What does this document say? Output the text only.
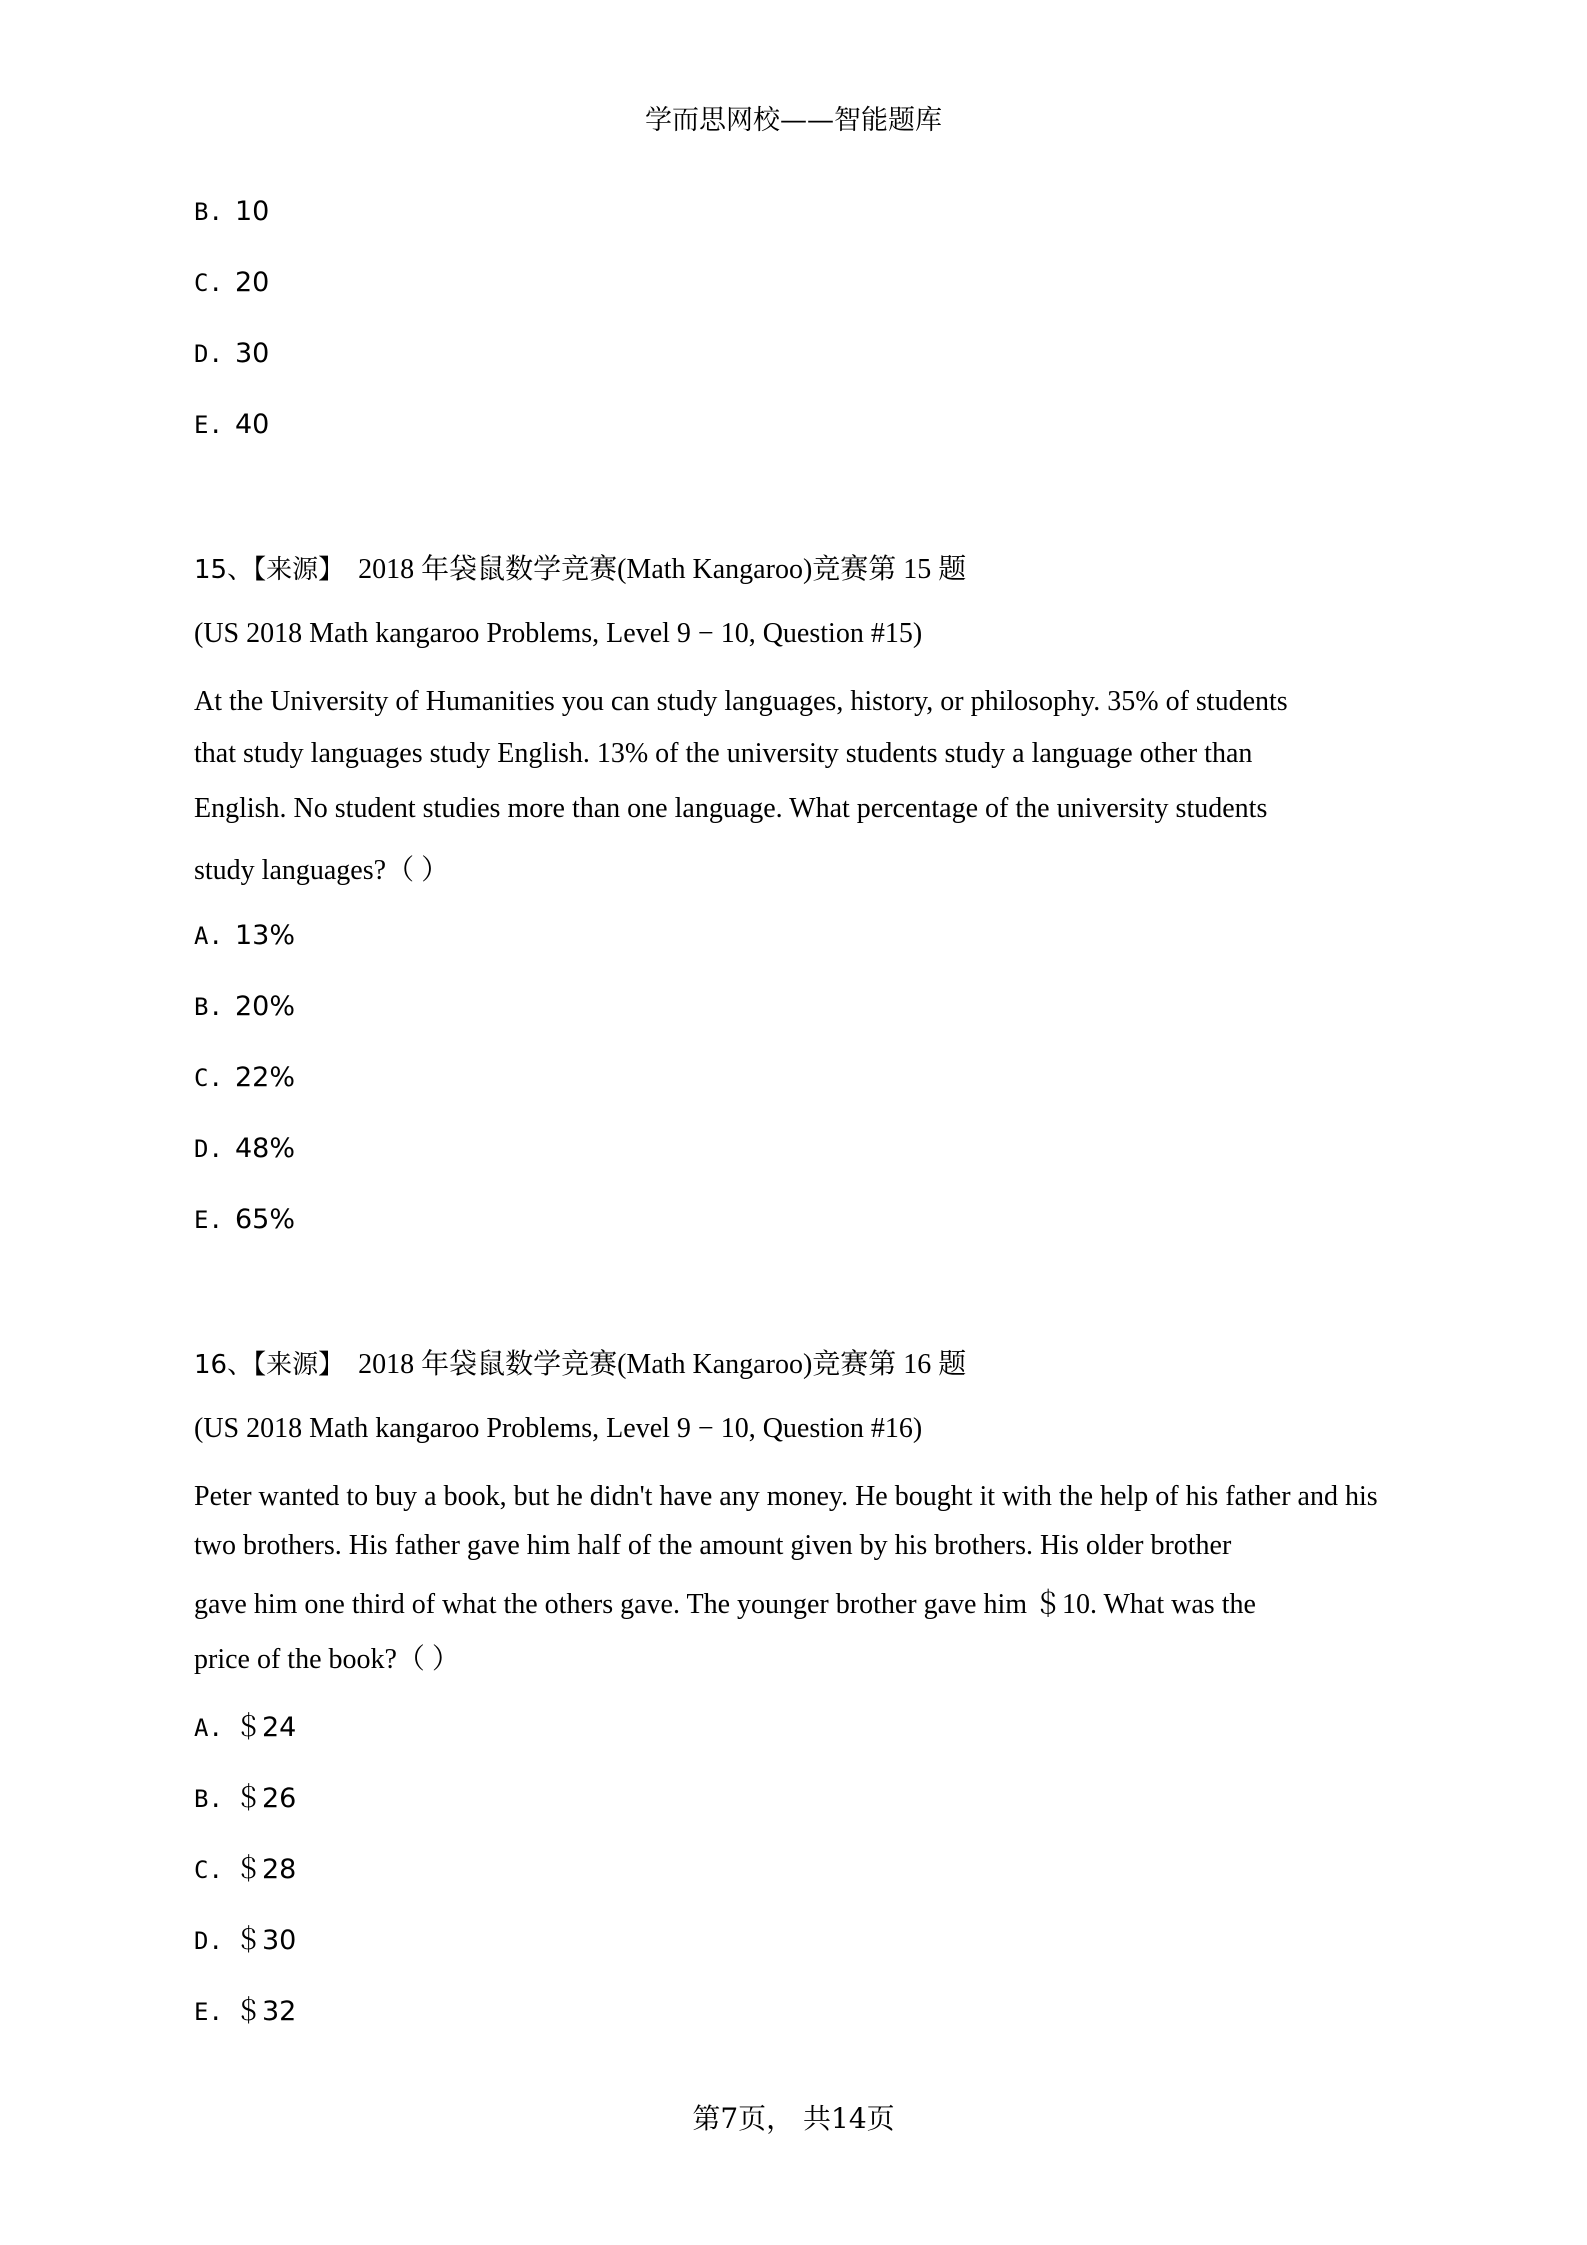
学而思网校——智能题库
B. 10
C. 20
D. 30
E. 40
15、【来源】 2018 年袋鼠数学竞赛(Math Kangaroo)竞赛第 15 题
(US 2018 Math kangaroo Problems, Level 9 − 10, Question #15)
At the University of Humanities you can study languages, history, or philosophy. 35% of students
that study languages study English. 13% of the university students study a language other than
English. No student studies more than one language. What percentage of the university students
study languages?（ ）
A. 13%
B. 20%
C. 22%
D. 48%
E. 65%
16、【来源】 2018 年袋鼠数学竞赛(Math Kangaroo)竞赛第 16 题
(US 2018 Math kangaroo Problems, Level 9 − 10, Question #16)
Peter wanted to buy a book, but he didn't have any money. He bought it with the help of his father and his
two brothers. His father gave him half of the amount given by his brothers. His older brother
gave him one third of what the others gave. The younger brother gave him ＄10. What was the
price of the book?（ ）
A. ＄24
B. ＄26
C. ＄28
D. ＄30
E. ＄32
第7页， 共14页
